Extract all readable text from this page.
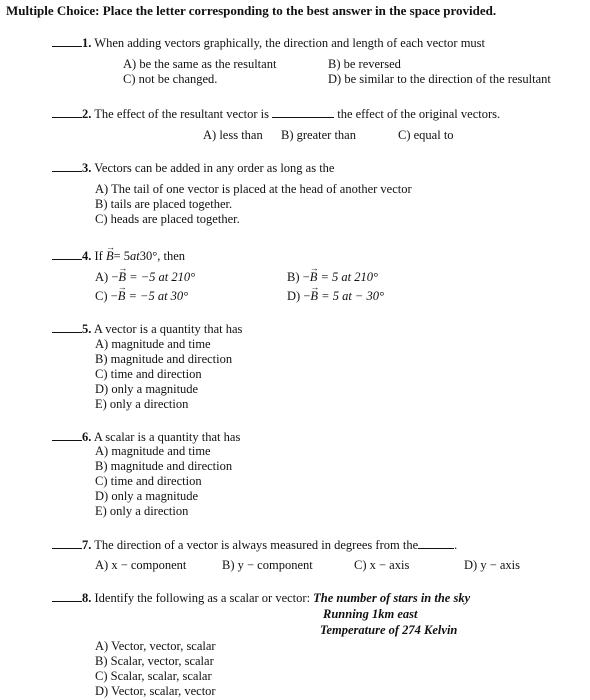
Multiple Choice: Place the letter corresponding to the best answer in the space provided.
1. When adding vectors graphically, the direction and length of each vector must
A) be the same as the resultant	B) be reversed
C) not be changed.	D) be similar to the direction of the resultant
2. The effect of the resultant vector is	the effect of the original vectors.
A) less than B) greater than	C) equal to
3. Vectors can be added in any order as long as the
A) The tail of one vector is placed at the head of another vector
B) tails are placed together.
C) heads are placed together.
4. If → B= 5at30°, then
A) −→ B = −5 at 210°	B) −→ B = 5 at 210°
C) −→ B = −5 at 30°	D) −→ B = 5 at − 30°
5. A vector is a quantity that has
A) magnitude and time
B) magnitude and direction
C) time and direction
D) only a magnitude
E) only a direction
6. A scalar is a quantity that has
A) magnitude and time
B) magnitude and direction
C) time and direction
D) only a magnitude
E) only a direction
7. The direction of a vector is always measured in degrees from the	.
A) x − component	B) y − component	C) x − axis	D) y − axis
8. Identify the following as a scalar or vector: The number of stars in the sky
Running 1km east
Temperature of 274 Kelvin
A) Vector, vector, scalar
B) Scalar, vector, scalar
C) Scalar, scalar, scalar
D) Vector, scalar, vector
